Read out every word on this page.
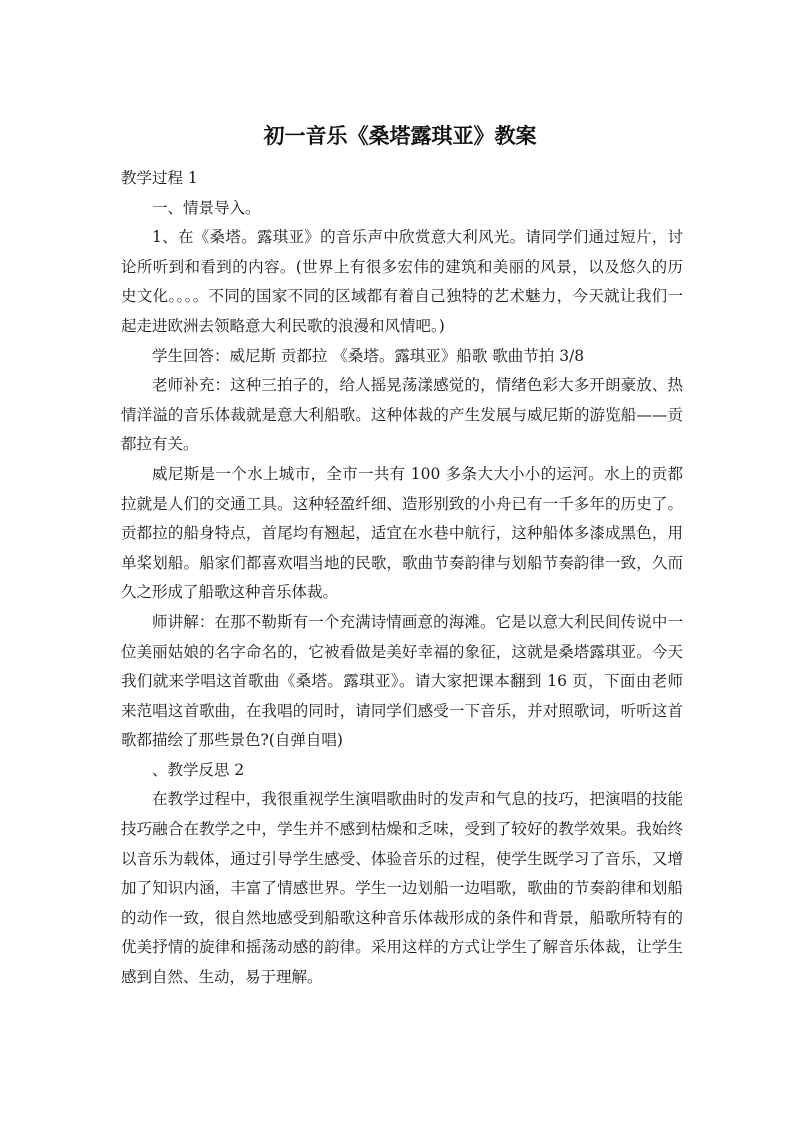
初一音乐《桑塔露琪亚》教案

教学过程 1

一、情景导入。

1、在《桑塔。露琪亚》的音乐声中欣赏意大利风光。请同学们通过短片，讨论所听到和看到的内容。(世界上有很多宏伟的建筑和美丽的风景，以及悠久的历史文化。。。。不同的国家不同的区域都有着自己独特的艺术魅力，今天就让我们一起走进欧洲去领略意大利民歌的浪漫和风情吧。)

学生回答：威尼斯 贡都拉 《桑塔。露琪亚》船歌 歌曲节拍 3/8

老师补充：这种三拍子的，给人摇晃荡漾感觉的，情绪色彩大多开朗豪放、热情洋溢的音乐体裁就是意大利船歌。这种体裁的产生发展与威尼斯的游览船——贡都拉有关。

威尼斯是一个水上城市，全市一共有 100 多条大大小小的运河。水上的贡都拉就是人们的交通工具。这种轻盈纤细、造形别致的小舟已有一千多年的历史了。贡都拉的船身特点，首尾均有翘起，适宜在水巷中航行，这种船体多漆成黑色，用单桨划船。船家们都喜欢唱当地的民歌，歌曲节奏韵律与划船节奏韵律一致，久而久之形成了船歌这种音乐体裁。

师讲解：在那不勒斯有一个充满诗情画意的海滩。它是以意大利民间传说中一位美丽姑娘的名字命名的，它被看做是美好幸福的象征，这就是桑塔露琪亚。今天我们就来学唱这首歌曲《桑塔。露琪亚》。请大家把课本翻到 16 页，下面由老师来范唱这首歌曲，在我唱的同时，请同学们感受一下音乐，并对照歌词，听听这首歌都描绘了那些景色?(自弹自唱)

、教学反思 2

在教学过程中，我很重视学生演唱歌曲时的发声和气息的技巧，把演唱的技能技巧融合在教学之中，学生并不感到枯燥和乏味，受到了较好的教学效果。我始终以音乐为载体，通过引导学生感受、体验音乐的过程，使学生既学习了音乐，又增加了知识内涵，丰富了情感世界。学生一边划船一边唱歌，歌曲的节奏韵律和划船的动作一致，很自然地感受到船歌这种音乐体裁形成的条件和背景，船歌所特有的优美抒情的旋律和摇荡动感的韵律。采用这样的方式让学生了解音乐体裁，让学生感到自然、生动，易于理解。
